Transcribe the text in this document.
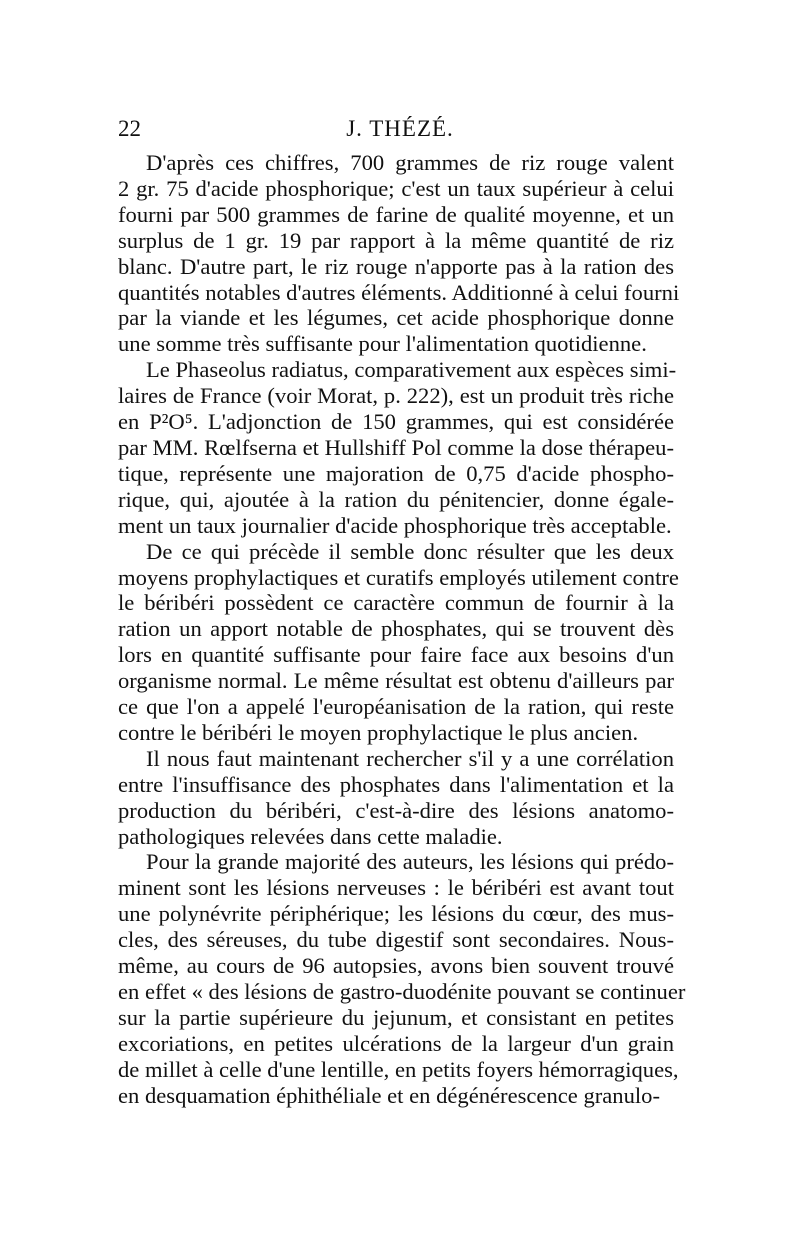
22	J. THÉZÉ.
D'après ces chiffres, 700 grammes de riz rouge valent
2 gr. 75 d'acide phosphorique; c'est un taux supérieur à celui
fourni par 500 grammes de farine de qualité moyenne, et un
surplus de 1 gr. 19 par rapport à la même quantité de riz
blanc. D'autre part, le riz rouge n'apporte pas à la ration des
quantités notables d'autres éléments. Additionné à celui fourni
par la viande et les légumes, cet acide phosphorique donne
une somme très suffisante pour l'alimentation quotidienne.
Le Phaseolus radiatus, comparativement aux espèces simi-
laires de France (voir Morat, p. 222), est un produit très riche
en P²O⁵. L'adjonction de 150 grammes, qui est considérée
par MM. Rœlfserna et Hullshiff Pol comme la dose thérapeu-
tique, représente une majoration de 0,75 d'acide phospho-
rique, qui, ajoutée à la ration du pénitencier, donne égale-
ment un taux journalier d'acide phosphorique très acceptable.
De ce qui précède il semble donc résulter que les deux
moyens prophylactiques et curatifs employés utilement contre
le béribéri possèdent ce caractère commun de fournir à la
ration un apport notable de phosphates, qui se trouvent dès
lors en quantité suffisante pour faire face aux besoins d'un
organisme normal. Le même résultat est obtenu d'ailleurs par
ce que l'on a appelé l'européanisation de la ration, qui reste
contre le béribéri le moyen prophylactique le plus ancien.
Il nous faut maintenant rechercher s'il y a une corrélation
entre l'insuffisance des phosphates dans l'alimentation et la
production du béribéri, c'est-à-dire des lésions anatomo-
pathologiques relevées dans cette maladie.
Pour la grande majorité des auteurs, les lésions qui prédo-
minent sont les lésions nerveuses : le béribéri est avant tout
une polynévrite périphérique; les lésions du cœur, des mus-
cles, des séreuses, du tube digestif sont secondaires. Nous-
même, au cours de 96 autopsies, avons bien souvent trouvé
en effet « des lésions de gastro-duodénite pouvant se continuer
sur la partie supérieure du jejunum, et consistant en petites
excoriations, en petites ulcérations de la largeur d'un grain
de millet à celle d'une lentille, en petits foyers hémorragiques,
en desquamation éphithéliale et en dégénérescence granulo-
